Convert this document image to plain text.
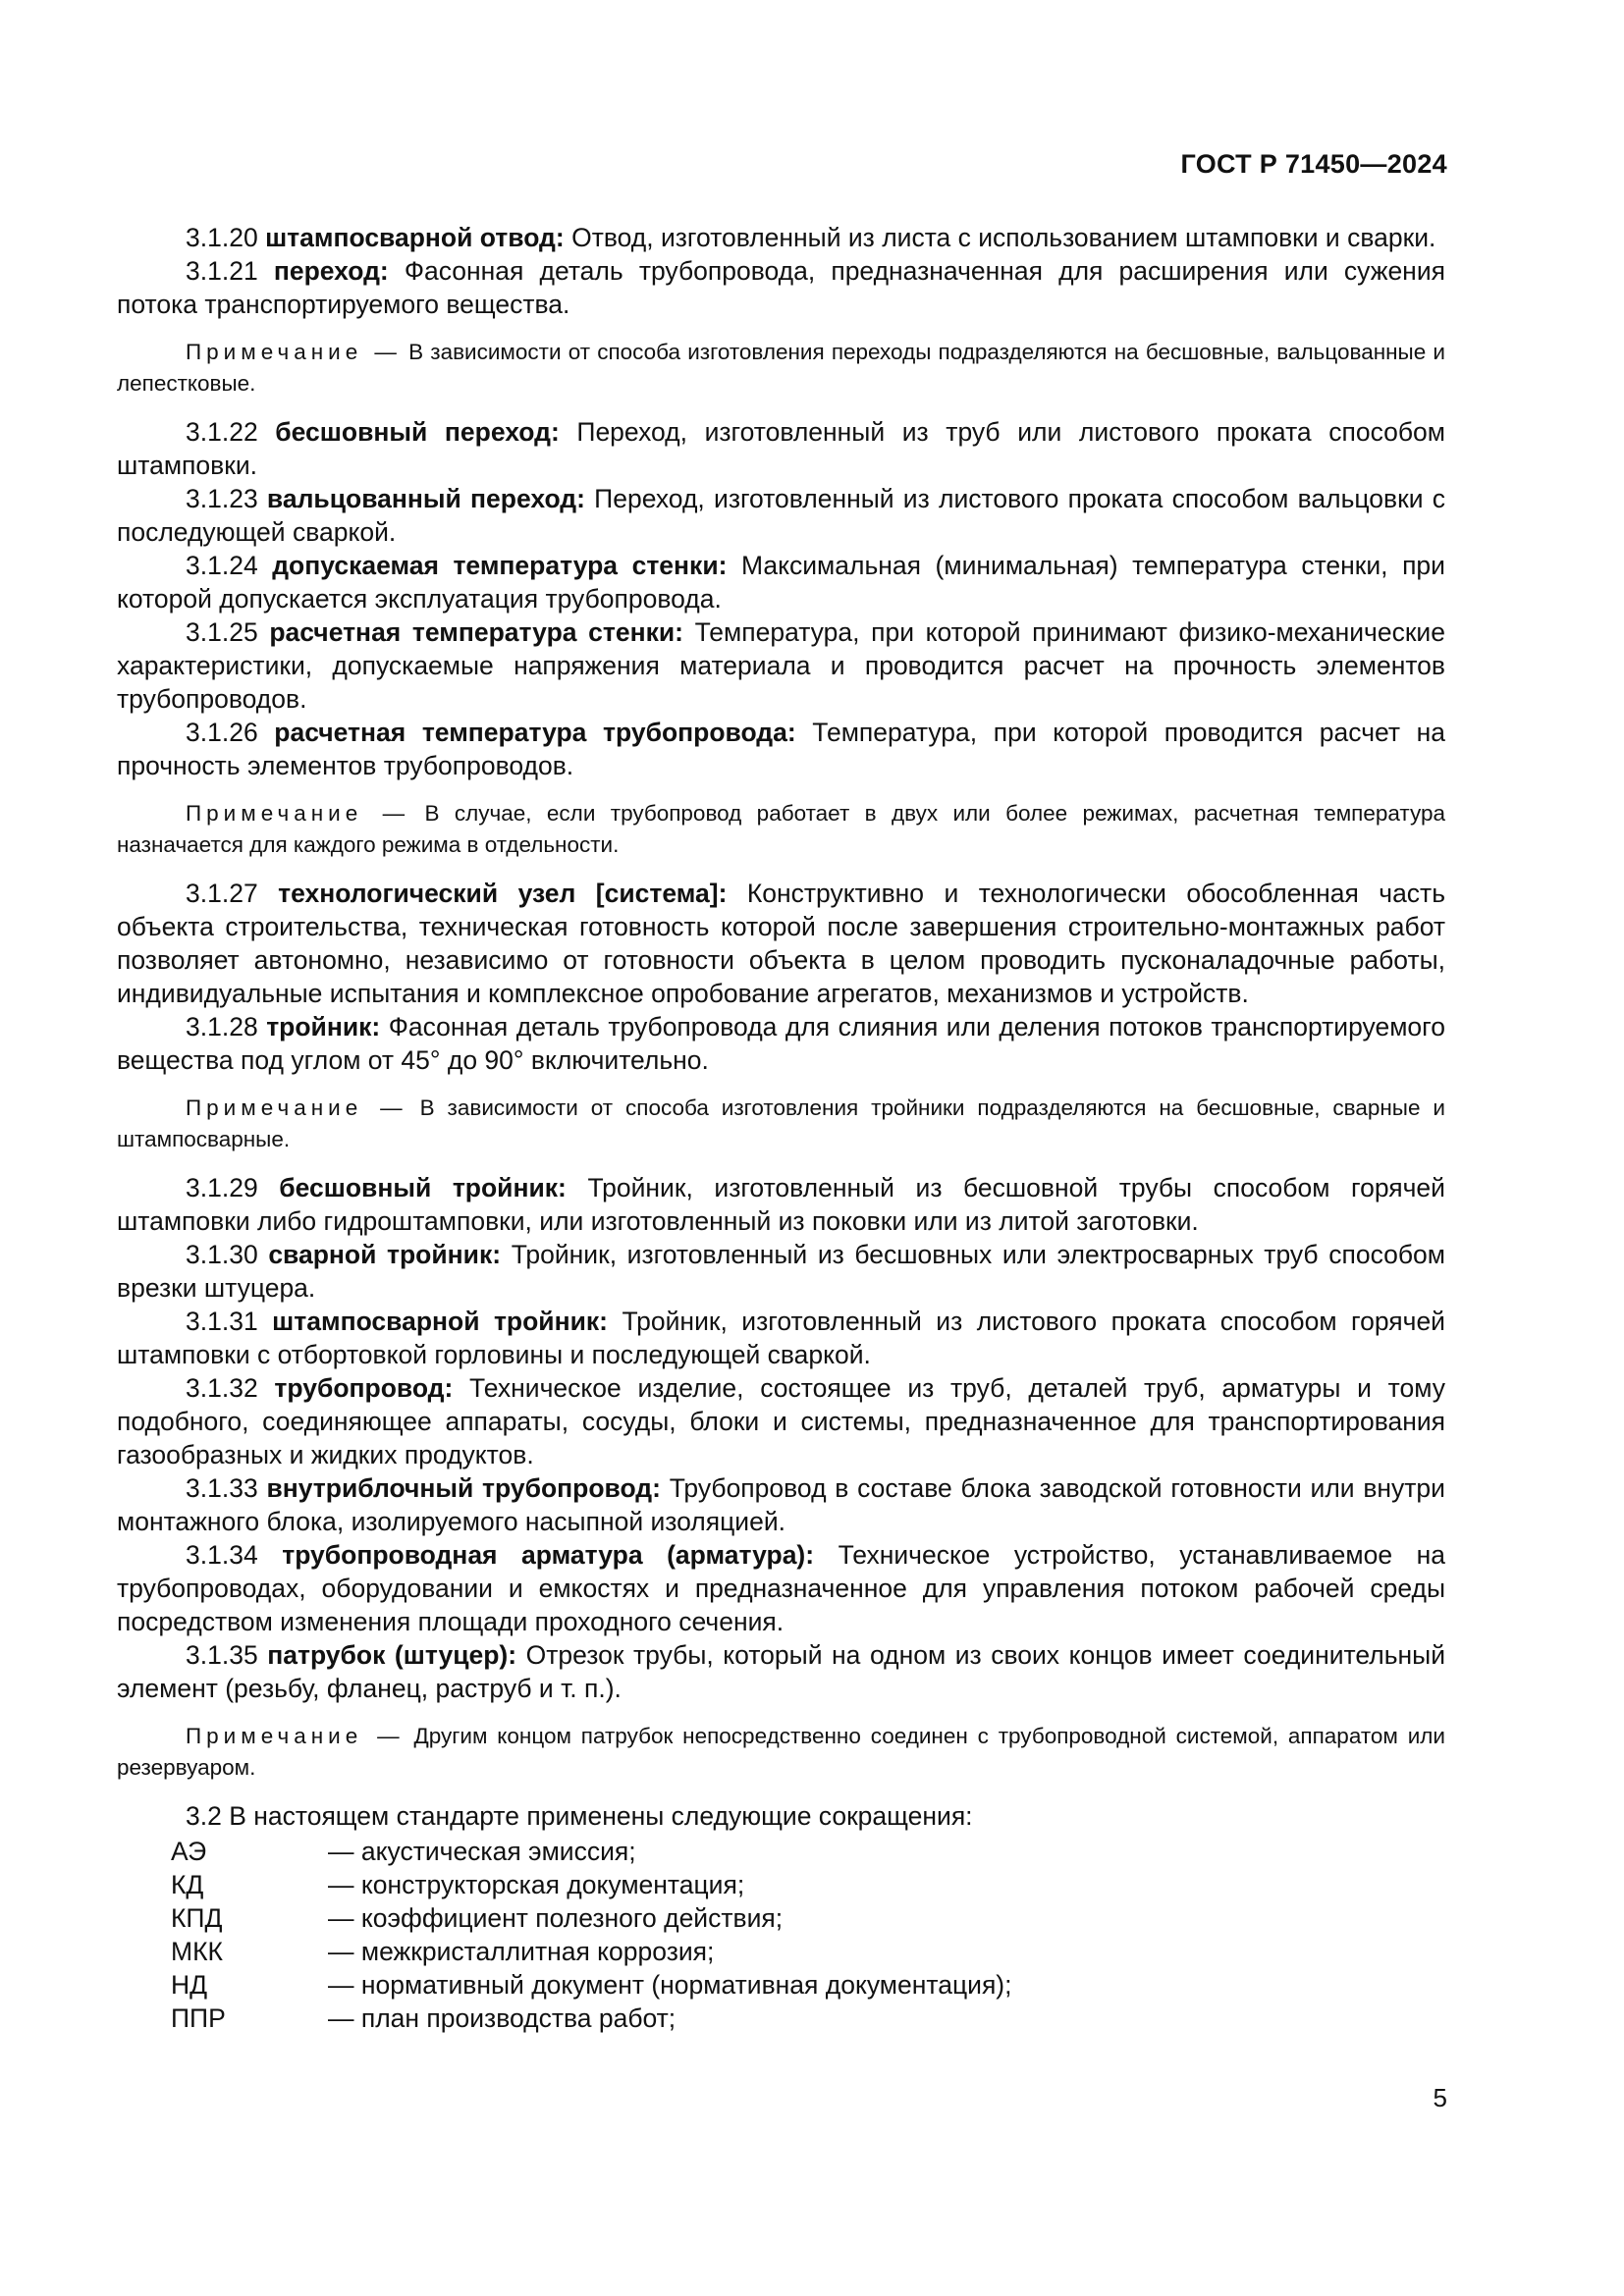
ГОСТ Р 71450—2024

3.1.20 штампосварной отвод: Отвод, изготовленный из листа с использованием штамповки и сварки.

3.1.21 переход: Фасонная деталь трубопровода, предназначенная для расширения или сужения потока транспортируемого вещества.

Примечание — В зависимости от способа изготовления переходы подразделяются на бесшовные, вальцованные и лепестковые.

3.1.22 бесшовный переход: Переход, изготовленный из труб или листового проката способом штамповки.

3.1.23 вальцованный переход: Переход, изготовленный из листового проката способом вальцовки с последующей сваркой.

3.1.24 допускаемая температура стенки: Максимальная (минимальная) температура стенки, при которой допускается эксплуатация трубопровода.

3.1.25 расчетная температура стенки: Температура, при которой принимают физико-механические характеристики, допускаемые напряжения материала и проводится расчет на прочность элементов трубопроводов.

3.1.26 расчетная температура трубопровода: Температура, при которой проводится расчет на прочность элементов трубопроводов.

Примечание — В случае, если трубопровод работает в двух или более режимах, расчетная температура назначается для каждого режима в отдельности.

3.1.27 технологический узел [система]: Конструктивно и технологически обособленная часть объекта строительства, техническая готовность которой после завершения строительно-монтажных работ позволяет автономно, независимо от готовности объекта в целом проводить пусконаладочные работы, индивидуальные испытания и комплексное опробование агрегатов, механизмов и устройств.

3.1.28 тройник: Фасонная деталь трубопровода для слияния или деления потоков транспортируемого вещества под углом от 45° до 90° включительно.

Примечание — В зависимости от способа изготовления тройники подразделяются на бесшовные, сварные и штампосварные.

3.1.29 бесшовный тройник: Тройник, изготовленный из бесшовной трубы способом горячей штамповки либо гидроштамповки, или изготовленный из поковки или из литой заготовки.

3.1.30 сварной тройник: Тройник, изготовленный из бесшовных или электросварных труб способом врезки штуцера.

3.1.31 штампосварной тройник: Тройник, изготовленный из листового проката способом горячей штамповки с отбортовкой горловины и последующей сваркой.

3.1.32 трубопровод: Техническое изделие, состоящее из труб, деталей труб, арматуры и тому подобного, соединяющее аппараты, сосуды, блоки и системы, предназначенное для транспортирования газообразных и жидких продуктов.

3.1.33 внутриблочный трубопровод: Трубопровод в составе блока заводской готовности или внутри монтажного блока, изолируемого насыпной изоляцией.

3.1.34 трубопроводная арматура (арматура): Техническое устройство, устанавливаемое на трубопроводах, оборудовании и емкостях и предназначенное для управления потоком рабочей среды посредством изменения площади проходного сечения.

3.1.35 патрубок (штуцер): Отрезок трубы, который на одном из своих концов имеет соединительный элемент (резьбу, фланец, раструб и т. п.).

Примечание — Другим концом патрубок непосредственно соединен с трубопроводной системой, аппаратом или резервуаром.

3.2 В настоящем стандарте применены следующие сокращения:

АЭ	— акустическая эмиссия;
КД	— конструкторская документация;
КПД	— коэффициент полезного действия;
МКК	— межкристаллитная коррозия;
НД	— нормативный документ (нормативная документация);
ППР	— план производства работ;
5
